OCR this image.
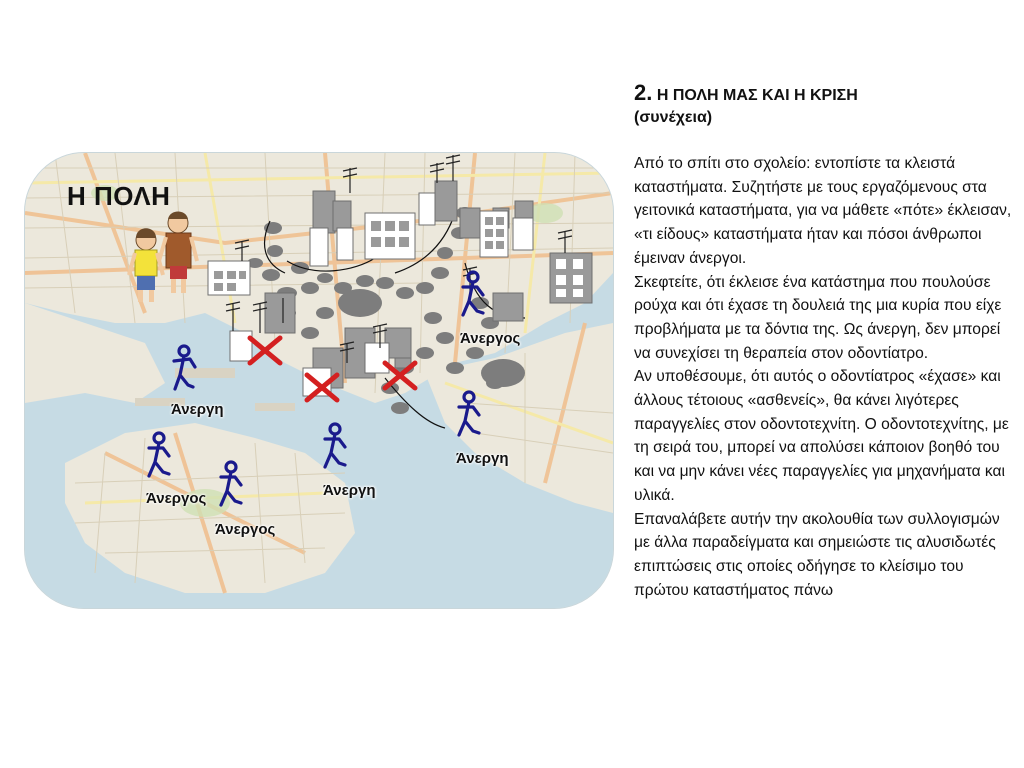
Η ΠΟΛΗ
Άνεργος
Άνεργη
Άνεργη
Άνεργη
Άνεργος
Άνεργος
2. Η ΠΟΛΗ ΜΑΣ ΚΑΙ Η ΚΡΙΣΗ
(συνέχεια)

Από το σπίτι στο σχολείο: εντοπίστε τα κλειστά καταστήματα. Συζητήστε με τους εργαζόμενους στα γειτονικά καταστήματα, για να μάθετε «πότε» έκλεισαν, «τι είδους» καταστήματα ήταν και πόσοι άνθρωποι έμειναν άνεργοι.

Σκεφτείτε, ότι έκλεισε ένα κατάστημα που πουλούσε ρούχα και ότι έχασε τη δουλειά της μια κυρία που είχε προβλήματα με τα δόντια της. Ως άνεργη, δεν μπορεί να συνεχίσει τη θεραπεία στον οδοντίατρο.

Αν υποθέσουμε, ότι αυτός ο οδοντίατρος «έχασε» και άλλους τέτοιους «ασθενείς», θα κάνει λιγότερες παραγγελίες στον οδοντοτεχνίτη. Ο οδοντοτεχνίτης, με τη σειρά του, μπορεί να απολύσει κάποιον βοηθό του και να μην κάνει νέες παραγγελίες για μηχανήματα και υλικά.

Επαναλάβετε αυτήν την ακολουθία των συλλογισμών με άλλα παραδείγματα και σημειώστε τις αλυσιδωτές επιπτώσεις στις οποίες οδήγησε το κλείσιμο του πρώτου καταστήματος πάνω
